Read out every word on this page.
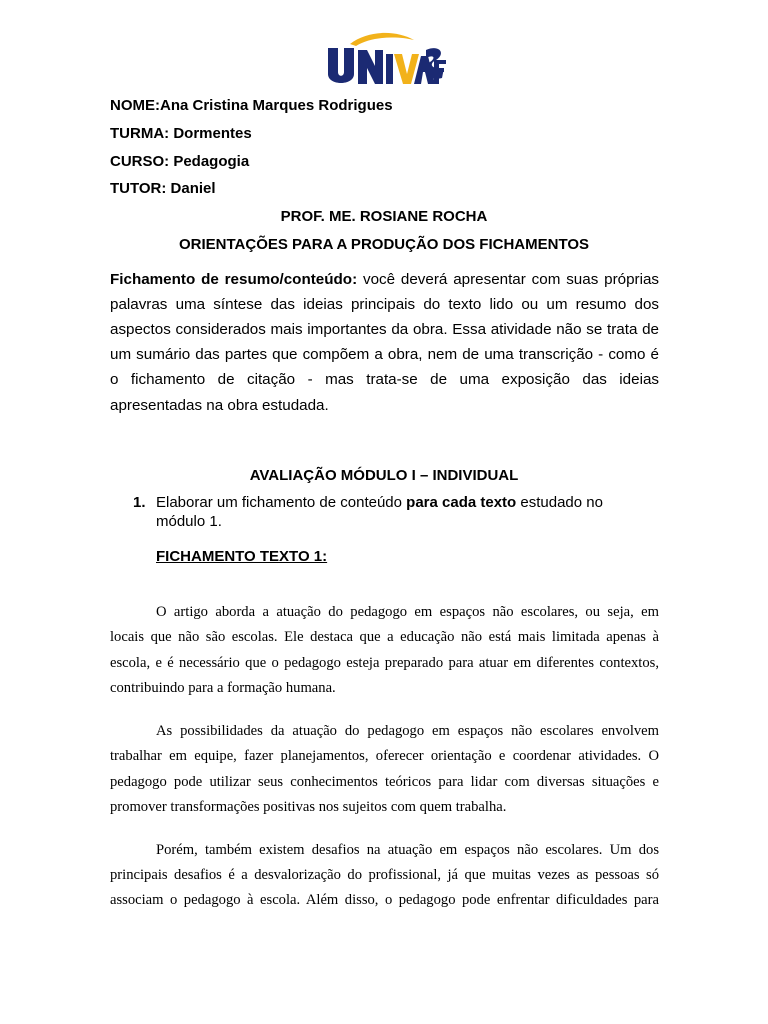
NOME:Ana Cristina Marques Rodrigues
TURMA: Dormentes
CURSO: Pedagogia
TUTOR: Daniel
PROF. ME. ROSIANE ROCHA
ORIENTAÇÕES PARA A PRODUÇÃO DOS FICHAMENTOS
Fichamento de resumo/conteúdo: você deverá apresentar com suas próprias
palavras uma síntese das ideias principais do texto lido ou um resumo dos
aspectos considerados mais importantes da obra. Essa atividade não se trata de
um sumário das partes que compõem a obra, nem de uma transcrição - como é
o fichamento de citação - mas trata-se de uma exposição das ideias
apresentadas na obra estudada.
AVALIAÇÃO MÓDULO I – INDIVIDUAL
1. Elaborar um fichamento de conteúdo para cada texto estudado no
módulo 1.
FICHAMENTO TEXTO 1:
O artigo aborda a atuação do pedagogo em espaços não escolares, ou seja, em
locais que não são escolas. Ele destaca que a educação não está mais limitada apenas à
escola, e é necessário que o pedagogo esteja preparado para atuar em diferentes contextos,
contribuindo para a formação humana.
As possibilidades da atuação do pedagogo em espaços não escolares envolvem
trabalhar em equipe, fazer planejamentos, oferecer orientação e coordenar atividades. O
pedagogo pode utilizar seus conhecimentos teóricos para lidar com diversas situações e
promover transformações positivas nos sujeitos com quem trabalha.
Porém, também existem desafios na atuação em espaços não escolares. Um dos
principais desafios é a desvalorização do profissional, já que muitas vezes as pessoas só
associam o pedagogo à escola. Além disso, o pedagogo pode enfrentar dificuldades para
